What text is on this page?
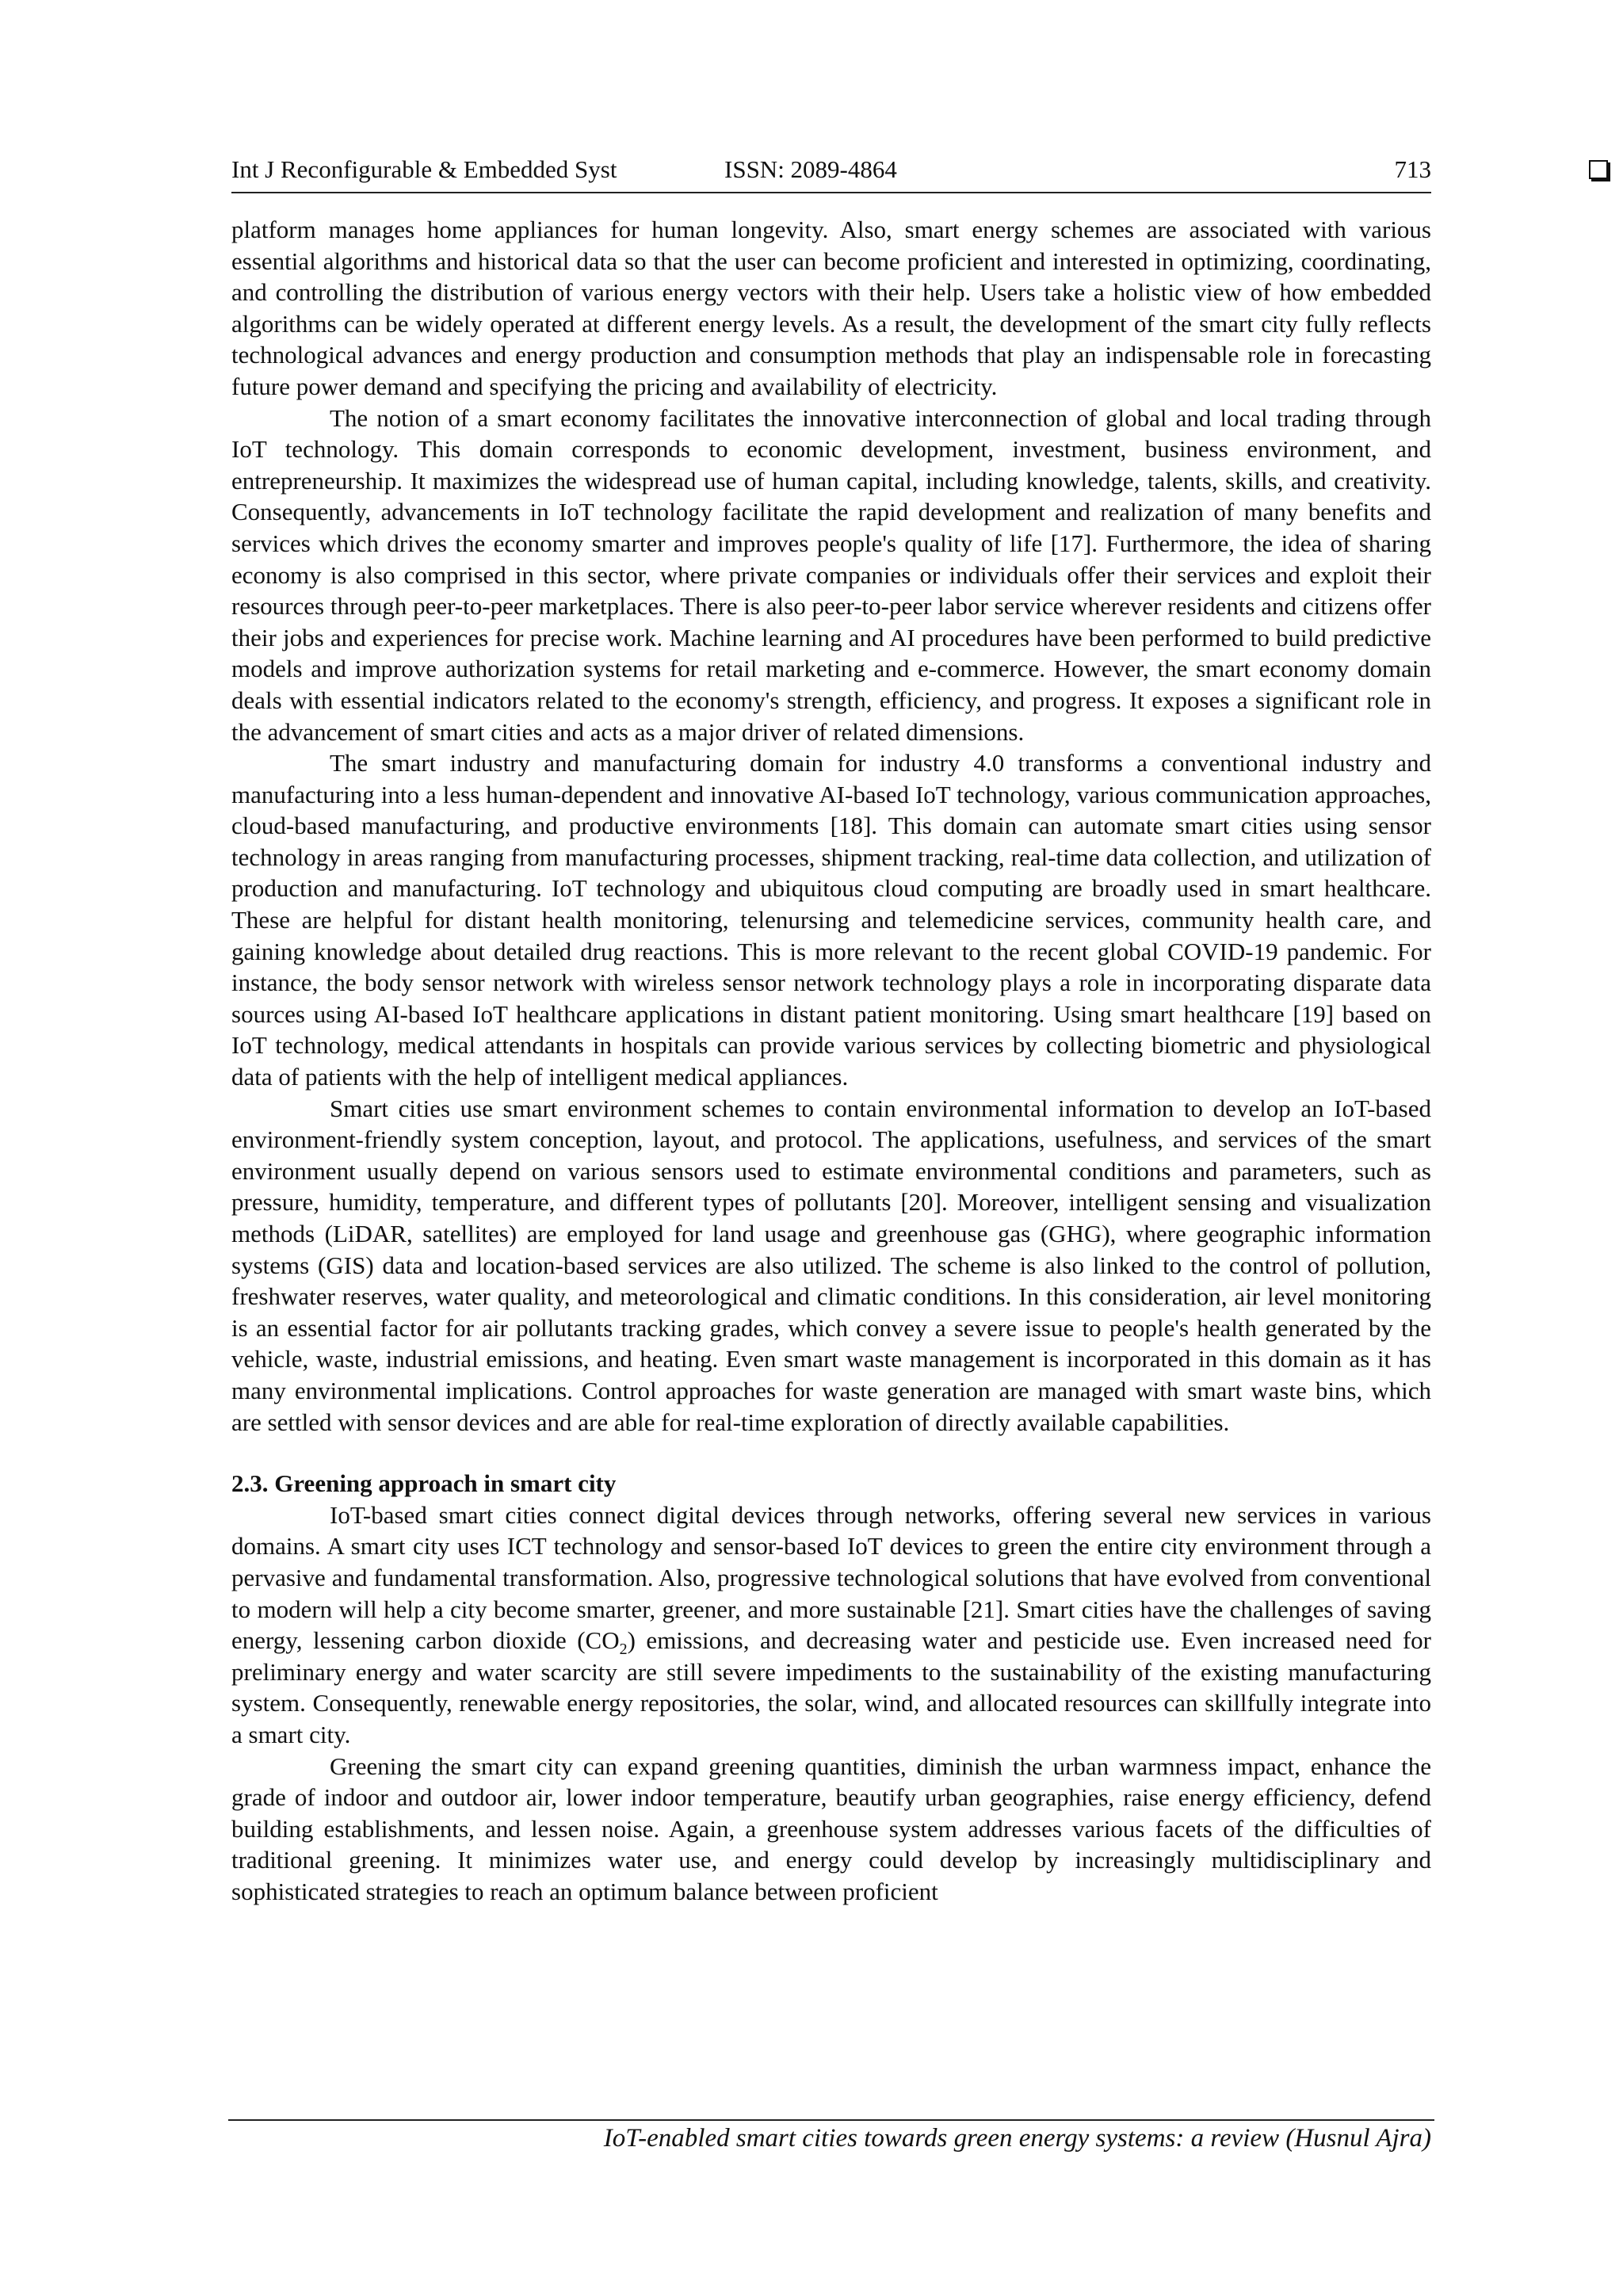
Int J Reconfigurable & Embedded Syst	ISSN: 2089-4864	713

platform manages home appliances for human longevity. Also, smart energy schemes are associated with various essential algorithms and historical data so that the user can become proficient and interested in optimizing, coordinating, and controlling the distribution of various energy vectors with their help. Users take a holistic view of how embedded algorithms can be widely operated at different energy levels. As a result, the development of the smart city fully reflects technological advances and energy production and consumption methods that play an indispensable role in forecasting future power demand and specifying the pricing and availability of electricity.

The notion of a smart economy facilitates the innovative interconnection of global and local trading through IoT technology. This domain corresponds to economic development, investment, business environment, and entrepreneurship. It maximizes the widespread use of human capital, including knowledge, talents, skills, and creativity. Consequently, advancements in IoT technology facilitate the rapid development and realization of many benefits and services which drives the economy smarter and improves people's quality of life [17]. Furthermore, the idea of sharing economy is also comprised in this sector, where private companies or individuals offer their services and exploit their resources through peer-to-peer marketplaces. There is also peer-to-peer labor service wherever residents and citizens offer their jobs and experiences for precise work. Machine learning and AI procedures have been performed to build predictive models and improve authorization systems for retail marketing and e-commerce. However, the smart economy domain deals with essential indicators related to the economy's strength, efficiency, and progress. It exposes a significant role in the advancement of smart cities and acts as a major driver of related dimensions.

The smart industry and manufacturing domain for industry 4.0 transforms a conventional industry and manufacturing into a less human-dependent and innovative AI-based IoT technology, various communication approaches, cloud-based manufacturing, and productive environments [18]. This domain can automate smart cities using sensor technology in areas ranging from manufacturing processes, shipment tracking, real-time data collection, and utilization of production and manufacturing. IoT technology and ubiquitous cloud computing are broadly used in smart healthcare. These are helpful for distant health monitoring, telenursing and telemedicine services, community health care, and gaining knowledge about detailed drug reactions. This is more relevant to the recent global COVID-19 pandemic. For instance, the body sensor network with wireless sensor network technology plays a role in incorporating disparate data sources using AI-based IoT healthcare applications in distant patient monitoring. Using smart healthcare [19] based on IoT technology, medical attendants in hospitals can provide various services by collecting biometric and physiological data of patients with the help of intelligent medical appliances.

Smart cities use smart environment schemes to contain environmental information to develop an IoT-based environment-friendly system conception, layout, and protocol. The applications, usefulness, and services of the smart environment usually depend on various sensors used to estimate environmental conditions and parameters, such as pressure, humidity, temperature, and different types of pollutants [20]. Moreover, intelligent sensing and visualization methods (LiDAR, satellites) are employed for land usage and greenhouse gas (GHG), where geographic information systems (GIS) data and location-based services are also utilized. The scheme is also linked to the control of pollution, freshwater reserves, water quality, and meteorological and climatic conditions. In this consideration, air level monitoring is an essential factor for air pollutants tracking grades, which convey a severe issue to people's health generated by the vehicle, waste, industrial emissions, and heating. Even smart waste management is incorporated in this domain as it has many environmental implications. Control approaches for waste generation are managed with smart waste bins, which are settled with sensor devices and are able for real-time exploration of directly available capabilities.

2.3. Greening approach in smart city

IoT-based smart cities connect digital devices through networks, offering several new services in various domains. A smart city uses ICT technology and sensor-based IoT devices to green the entire city environment through a pervasive and fundamental transformation. Also, progressive technological solutions that have evolved from conventional to modern will help a city become smarter, greener, and more sustainable [21]. Smart cities have the challenges of saving energy, lessening carbon dioxide $(CO_2)$ emissions, and decreasing water and pesticide use. Even increased need for preliminary energy and water scarcity are still severe impediments to the sustainability of the existing manufacturing system. Consequently, renewable energy repositories, the solar, wind, and allocated resources can skillfully integrate into a smart city.

Greening the smart city can expand greening quantities, diminish the urban warmness impact, enhance the grade of indoor and outdoor air, lower indoor temperature, beautify urban geographies, raise energy efficiency, defend building establishments, and lessen noise. Again, a greenhouse system addresses various facets of the difficulties of traditional greening. It minimizes water use, and energy could develop by increasingly multidisciplinary and sophisticated strategies to reach an optimum balance between proficient

IoT-enabled smart cities towards green energy systems: a review (Husnul Ajra)
